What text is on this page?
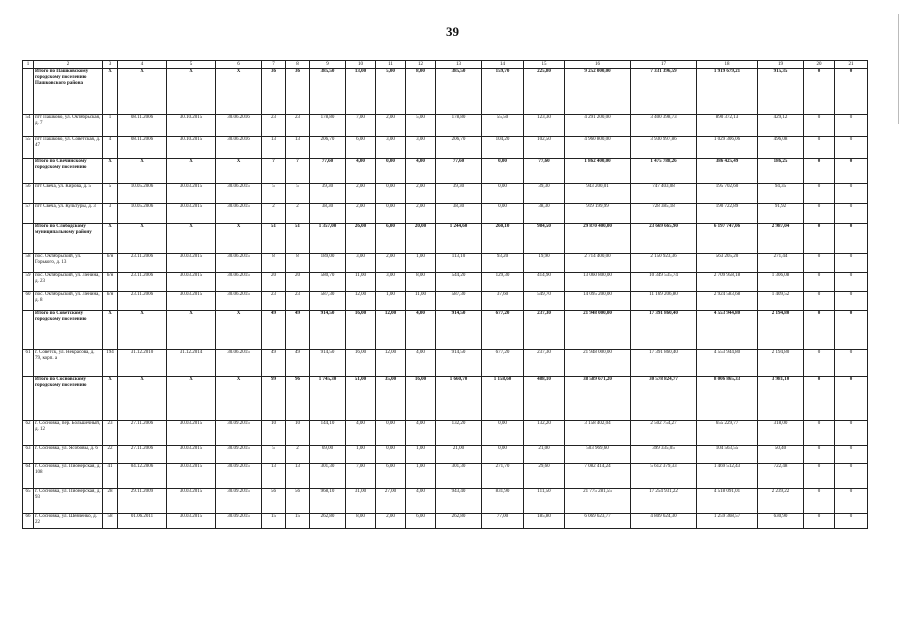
39
1	2	3	4	5	6	7	8	9	10	11	12	13	14	15	16	17	18	19	20	21
	Итого по Пашковскому городскому поселению Пашковского района	X	X	X	X	36	36	385,50	13,00	5,00	8,00	385,50	159,70	225,80	9 252 000,00	7 331 396,59	1 919 679,21	915,35	0	0
54	пгт Пашково, ул. Октябрьская, д. 7	1	08.11.2006	30.10.2015	30.06.2016	23	23	178,80	7,00	2,00	5,00	178,80	55,50	123,30	4 291 200,00	3 400 398,73	890 372,13	429,12	0	0
55	пгт Пашково, ул. Советская, д. 47	4	08.11.2006	30.10.2015	30.06.2016	13	13	206,70	6,00	3,00	3,00	206,70	104,20	102,50	4 960 800,00	3 930 997,86	1 029 306,06	496,08	0	0
	Итого по Свечинскому городскому поселению	X	X	X	X	7	7	77,60	4,00	0,00	4,00	77,60	0,00	77,60	1 862 400,00	1 475 788,26	386 425,49	186,25	0	0
56	пгт Свеча, ул. Кирова, д. 5	5	10.05.2006	30.03.2015	30.06.2015	5	5	39,30	2,00	0,00	2,00	39,30	0,00	39,30	943 200,01	747 403,08	195 702,60	94,35	0	0
57	пгт Свеча, ул. Культуры, д. 3	3	10.05.2006	30.03.2015	30.06.2015	2	2	38,30	2,00	0,00	2,00	38,30	0,00	38,30	919 199,99	728 385,18	190 722,89	91,92	0	0
	Итого по Слободскому муниципальному району	X	X	X	X	51	51	1 357,00	26,00	6,00	20,00	1 244,60	260,10	984,50	29 870 400,00	23 669 665,90	6 197 747,06	2 987,04	0	0
58	пос. Октябрьский, ул. Горького, д. 13	б/н	23.11.2006	30.03.2015	30.06.2015	8	8	189,00	3,00	2,00	1,00	113,10	93,20	19,90	2 714 400,00	2 150 923,36	563 205,20	271,44	0	0
59	пос. Октябрьский, ул. Ленина, д. 23	б/н	23.11.2006	30.03.2015	30.06.2015	20	20	580,70	11,00	3,00	8,00	544,20	129,30	414,90	13 060 800,00	10 349 535,74	2 709 958,18	1 306,08	0	0
60	пос. Октябрьский, ул. Ленина, д. 8	б/н	23.11.2006	30.03.2015	30.06.2015	23	23	587,30	12,00	1,00	11,00	587,30	37,60	549,70	14 095 200,00	11 169 206,80	2 924 583,68	1 409,52	0	0
	Итого по Советскому городскому поселению	X	X	X	X	49	49	914,50	16,00	12,00	4,00	914,50	677,20	237,30	21 948 000,00	17 391 860,40	4 553 944,80	2 194,80	0	0
61	г. Советск, ул. Некрасова, д. 79, корп. а	194	31.12.2010	31.12.2014	30.06.2015	49	49	914,50	16,00	12,00	4,00	914,50	677,20	237,30	21 948 000,00	17 391 860,40	4 553 944,80	2 194,80	0	0
	Итого по Сосновскому городскому поселению	X	X	X	X	99	96	1 745,30	51,00	35,00	16,00	1 660,70	1 158,60	488,10	38 589 671,20	30 578 824,77	8 006 865,33	3 981,10	0	0
62	г. Сосновка, пер. Большечный, д. 12	23	27.11.2006	30.03.2015	30.09.2015	10	10	144,10	4,00	0,00	4,00	132,20	0,00	132,20	3 158 402,04	2 502 754,27	655 229,77	318,00	0	0
63	г. Сосновка, ул. Ясобовы, д. 6	22	27.11.2006	30.03.2015	30.09.2015	5	2	69,00	1,00	0,00	1,00	21,00	0,00	21,00	503 969,60	399 335,05	104 563,55	50,40	0	0
64	г. Сосновка, ул. Пионерская, д. 108	41	04.12.2006	30.03.2015	30.09.2015	13	13	301,30	7,00	6,00	1,00	301,30	271,70	29,60	7 082 414,24	5 612 379,33	1 469 512,43	722,48	0	0
65	г. Сосновка, ул. Пионерская, д. 93	28	29.11.2009	30.03.2015	30.09.2015	56	56	968,10	31,00	27,00	4,00	943,40	831,90	111,50	21 775 281,55	17 254 931,22	4 518 091,01	2 239,22	0	0
66	г. Сосновка, ул. Шевченко, д. 22	58	01.06.2011	30.03.2015	30.09.2015	15	15	262,80	8,00	2,00	6,00	262,80	77,00	185,80	6 069 623,77	4 809 624,30	1 259 368,57	630,90	0	0
